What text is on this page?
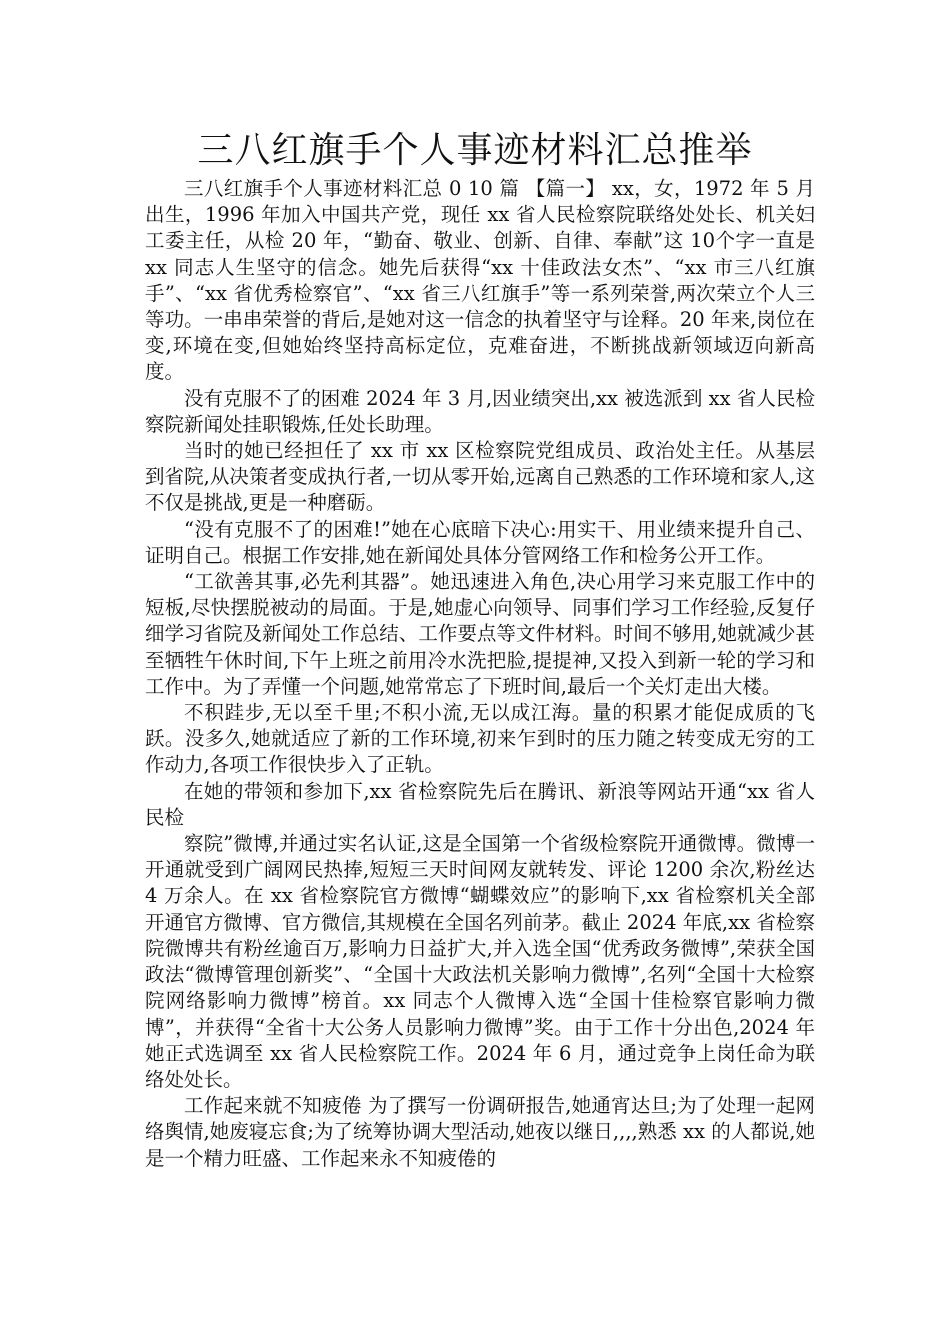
三八红旗手个人事迹材料汇总推举

三八红旗手个人事迹材料汇总 0 10 篇 【篇一】 xx，女，1972 年 5 月出生，1996 年加入中国共产党，现任 xx 省人民检察院联络处处长、机关妇工委主任，从检 20 年，“勤奋、敬业、创新、自律、奉献”这 10个字一直是 xx 同志人生坚守的信念。她先后获得“xx 十佳政法女杰”、“xx 市三八红旗手”、“xx 省优秀检察官”、“xx 省三八红旗手”等一系列荣誉,两次荣立个人三等功。一串串荣誉的背后,是她对这一信念的执着坚守与诠释。20 年来,岗位在变,环境在变,但她始终坚持高标定位，克难奋进，不断挑战新领域迈向新高度。

没有克服不了的困难 2024 年 3 月,因业绩突出,xx 被选派到 xx 省人民检察院新闻处挂职锻炼,任处长助理。

当时的她已经担任了 xx 市 xx 区检察院党组成员、政治处主任。从基层到省院,从决策者变成执行者,一切从零开始,远离自己熟悉的工作环境和家人,这不仅是挑战,更是一种磨砺。

“没有克服不了的困难!”她在心底暗下决心:用实干、用业绩来提升自己、证明自己。根据工作安排,她在新闻处具体分管网络工作和检务公开工作。

“工欲善其事,必先利其器”。她迅速进入角色,决心用学习来克服工作中的短板,尽快摆脱被动的局面。于是,她虚心向领导、同事们学习工作经验,反复仔细学习省院及新闻处工作总结、工作要点等文件材料。时间不够用,她就减少甚至牺牲午休时间,下午上班之前用冷水洗把脸,提提神,又投入到新一轮的学习和工作中。为了弄懂一个问题,她常常忘了下班时间,最后一个关灯走出大楼。

不积跬步,无以至千里;不积小流,无以成江海。量的积累才能促成质的飞跃。没多久,她就适应了新的工作环境,初来乍到时的压力随之转变成无穷的工作动力,各项工作很快步入了正轨。

在她的带领和参加下,xx 省检察院先后在腾讯、新浪等网站开通“xx 省人民检

察院”微博,并通过实名认证,这是全国第一个省级检察院开通微博。微博一开通就受到广阔网民热捧,短短三天时间网友就转发、评论 1200 余次,粉丝达 4 万余人。在 xx 省检察院官方微博“蝴蝶效应”的影响下,xx 省检察机关全部开通官方微博、官方微信,其规模在全国名列前茅。截止 2024 年底,xx 省检察院微博共有粉丝逾百万,影响力日益扩大,并入选全国“优秀政务微博”,荣获全国政法“微博管理创新奖”、“全国十大政法机关影响力微博”,名列“全国十大检察院网络影响力微博”榜首。xx 同志个人微博入选“全国十佳检察官影响力微博”，并获得“全省十大公务人员影响力微博”奖。由于工作十分出色,2024 年她正式选调至 xx 省人民检察院工作。2024 年 6 月，通过竞争上岗任命为联络处处长。

工作起来就不知疲倦 为了撰写一份调研报告,她通宵达旦;为了处理一起网络舆情,她废寝忘食;为了统筹协调大型活动,她夜以继日,,,,熟悉 xx 的人都说,她是一个精力旺盛、工作起来永不知疲倦的
